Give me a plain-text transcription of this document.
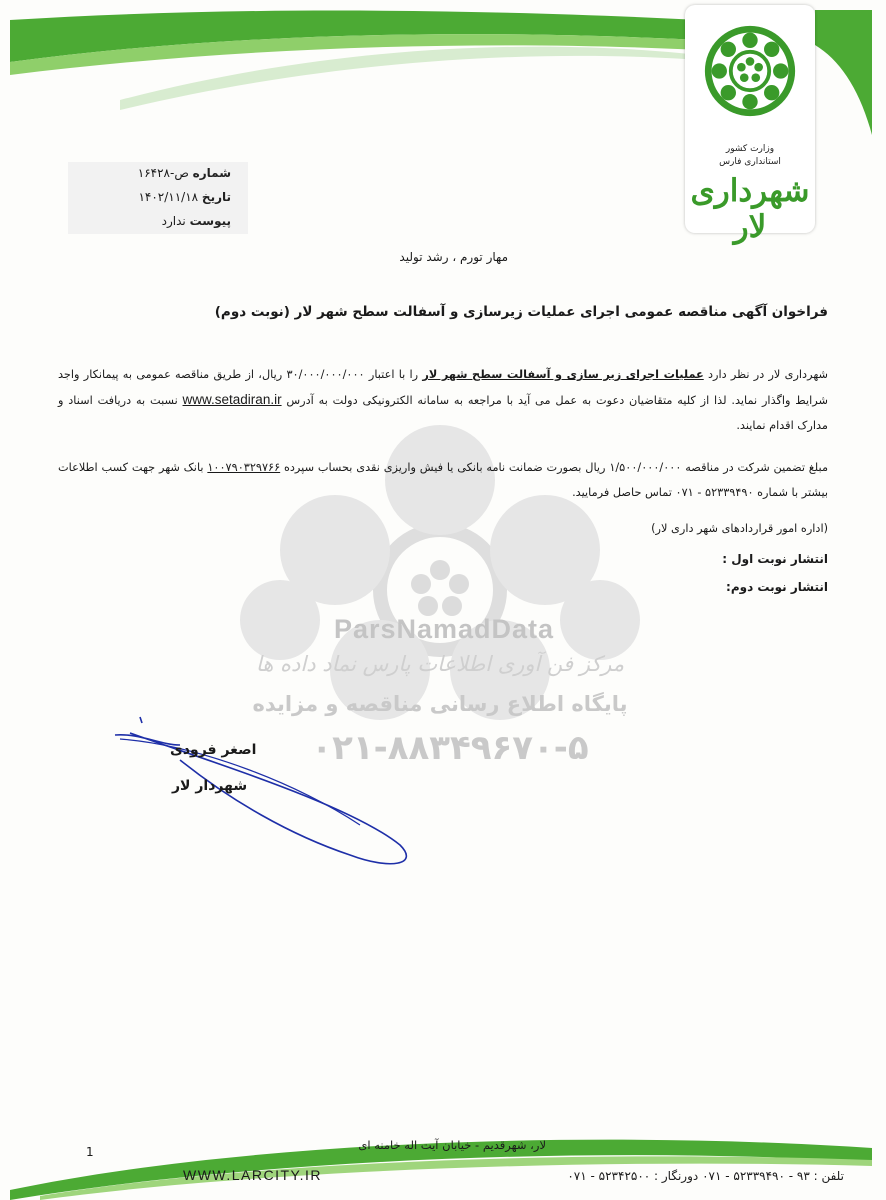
وزارت کشور
استانداری فارس
شهرداری لار
شماره ص-۱۶۴۲۸
تاریخ ۱۴۰۲/۱۱/۱۸
پیوست ندارد
ParsNamadData
مرکز فن آوری اطلاعات پارس نماد داده ها
پایگاه اطلاع رسانی مناقصه و مزایده
۰۲۱-۸۸۳۴۹۶۷۰-۵
مهار تورم ، رشد تولید
فراخوان آگهی مناقصه عمومی اجرای عملیات زیرسازی و آسفالت سطح شهر لار (نوبت دوم)
شهرداری لار در نظر دارد عملیات اجرای زیر سازی و آسفالت سطح شهر لار را با اعتبار ۳۰/۰۰۰/۰۰۰/۰۰۰ ریال، از طریق مناقصه عمومی به پیمانکار واجد شرایط واگذار نماید. لذا از کلیه متقاضیان دعوت به عمل می آید با مراجعه به سامانه الکترونیکی دولت به آدرس www.setadiran.ir نسبت به دریافت اسناد و مدارک اقدام نمایند.
مبلغ تضمین شرکت در مناقصه ۱/۵۰۰/۰۰۰/۰۰۰ ریال بصورت ضمانت نامه بانکی یا فیش واریزی نقدی بحساب سپرده ۱۰۰۷۹۰۳۲۹۷۶۶ بانک شهر جهت کسب اطلاعات بیشتر با شماره ۵۲۳۳۹۴۹۰ - ۰۷۱ تماس حاصل فرمایید.
(اداره امور قراردادهای شهر داری لار)
انتشار نوبت اول :
انتشار نوبت دوم:
اصغر فرودی
شهردار لار
لار، شهرقدیم - خیابان آیت اله خامنه ای
تلفن : ۹۳ - ۵۲۳۳۹۴۹۰ - ۰۷۱ دورنگار : ۵۲۳۴۲۵۰۰ - ۰۷۱
WWW.LARCITY.IR
1
